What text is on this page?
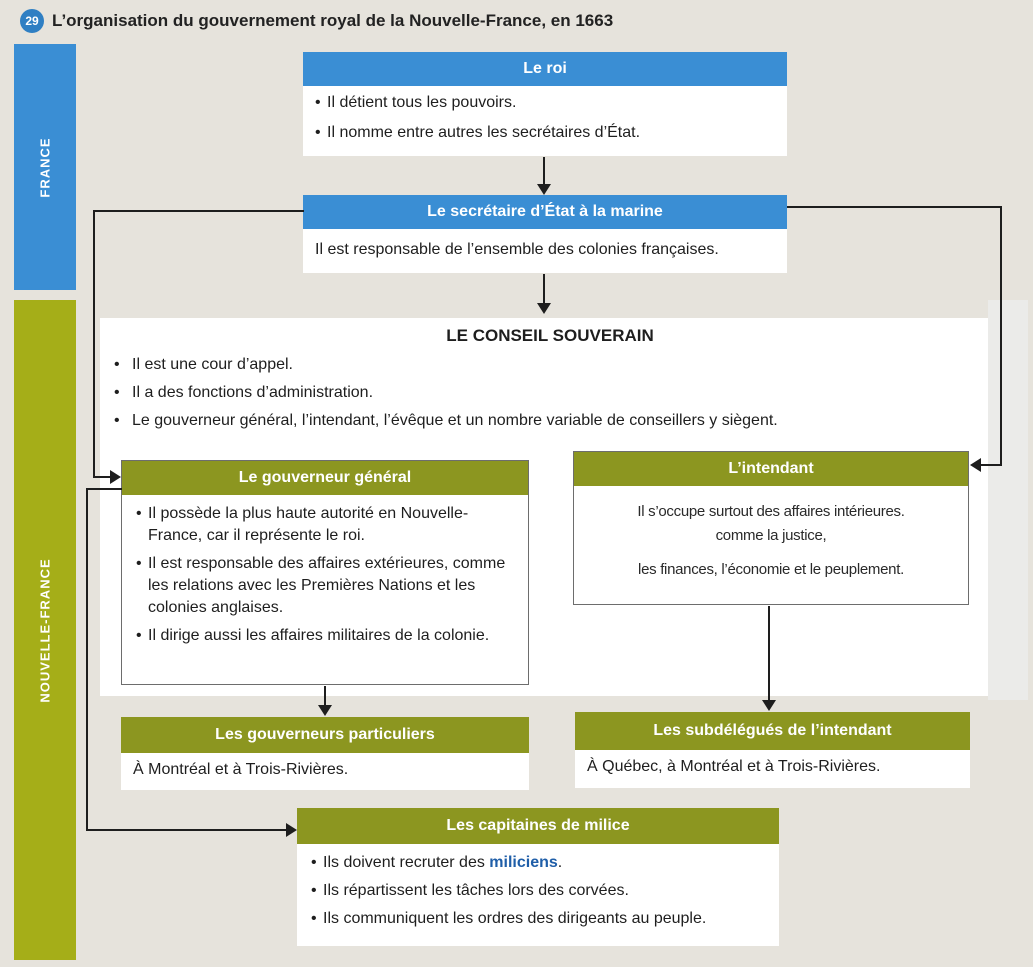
29 L’organisation du gouvernement royal de la Nouvelle-France, en 1663
FRANCE
NOUVELLE-FRANCE
Le roi
• Il détient tous les pouvoirs.
• Il nomme entre autres les secrétaires d’État.
Le secrétaire d’État à la marine
Il est responsable de l’ensemble des colonies françaises.
LE CONSEIL SOUVERAIN
• Il est une cour d’appel.
• Il a des fonctions d’administration.
• Le gouverneur général, l’intendant, l’évêque et un nombre variable de conseillers y siègent.
Le gouverneur général
• Il possède la plus haute autorité en Nouvelle-France, car il représente le roi.
• Il est responsable des affaires extérieures, comme les relations avec les Premières Nations et les colonies anglaises.
• Il dirige aussi les affaires militaires de la colonie.
L’intendant
Il s’occupe surtout des affaires intérieures.
comme la justice,
les finances, l’économie et le peuplement.
Les gouverneurs particuliers
À Montréal et à Trois-Rivières.
Les subdélégués de l’intendant
À Québec, à Montréal et à Trois-Rivières.
Les capitaines de milice
• Ils doivent recruter des miliciens.
• Ils répartissent les tâches lors des corvées.
• Ils communiquent les ordres des dirigeants au peuple.
